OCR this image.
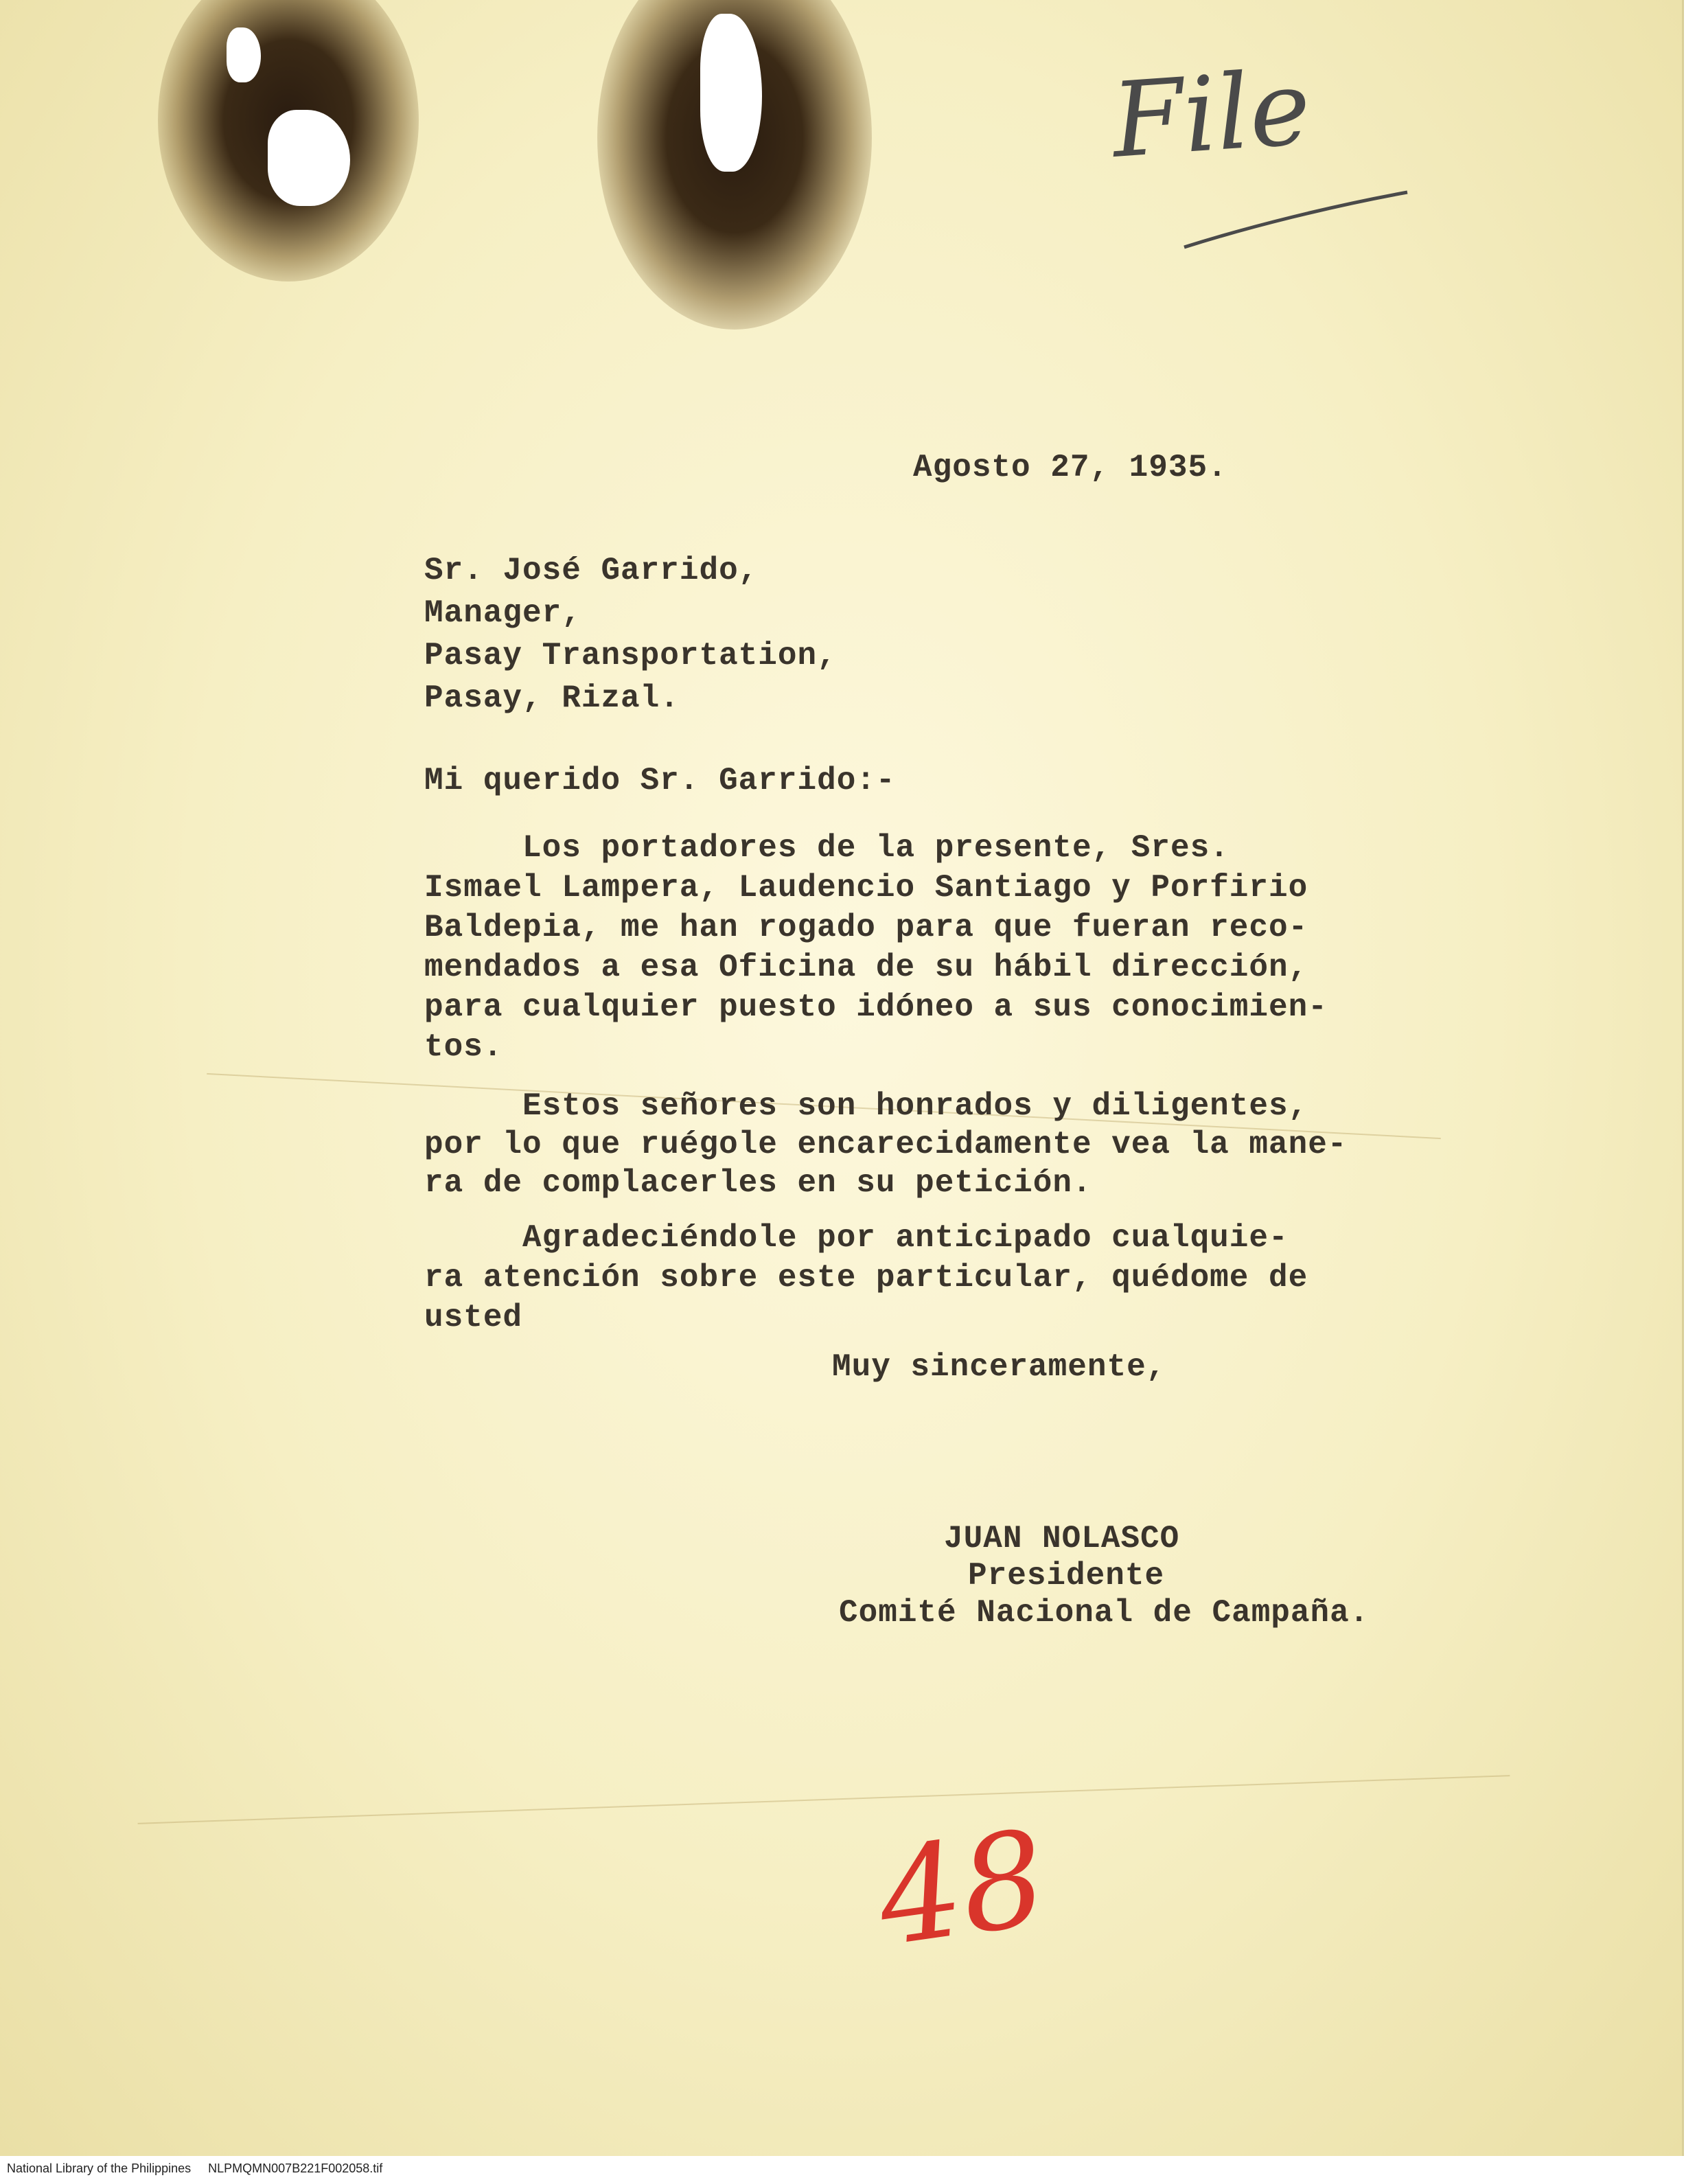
File

Agosto 27, 1935.

Sr. José Garrido,

Manager,

Pasay Transportation,

Pasay, Rizal.

Mi querido Sr. Garrido:-

Los portadores de la presente, Sres.

Ismael Lampera, Laudencio Santiago y Porfirio

Baldepia, me han rogado para que fueran reco-

mendados a esa Oficina de su hábil dirección,

para cualquier puesto idóneo a sus conocimien-

tos.

Estos señores son honrados y diligentes,

por lo que ruégole encarecidamente vea la mane-

ra de complacerles en su petición.

Agradeciéndole por anticipado cualquie-

ra atención sobre este particular, quédome de

usted

Muy sinceramente,

JUAN NOLASCO

Presidente

Comité Nacional de Campaña.

48
National Library of the Philippines     NLPMQMN007B221F002058.tif
